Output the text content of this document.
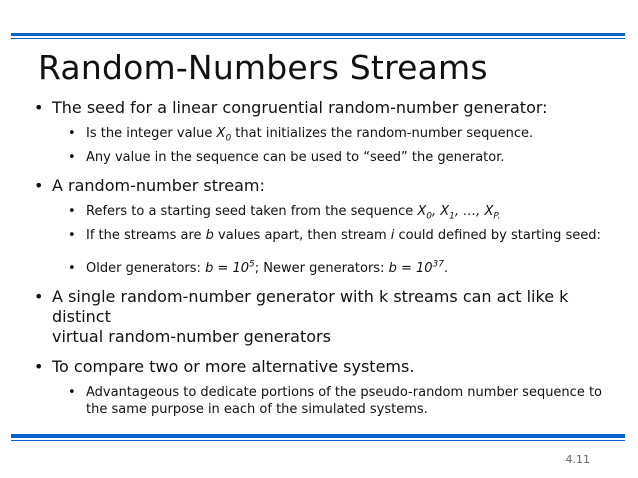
Random-Numbers Streams
• The seed for a linear congruential random-number generator:
• Is the integer value $X_0$ that initializes the random-number sequence.
• Any value in the sequence can be used to “seed” the generator.
• A random-number stream:
• Refers to a starting seed taken from the sequence $X_0$, $X_1$, …, $X_{P.}$
• If the streams are b values apart, then stream i could defined by starting seed:
• Older generators: $b = 10^5$; Newer generators: $b = 10^{37}$.
• A single random-number generator with k streams can act like k distinct
virtual random-number generators
• To compare two or more alternative systems.
• Advantageous to dedicate portions of the pseudo-random number sequence to
the same purpose in each of the simulated systems.
4.11
